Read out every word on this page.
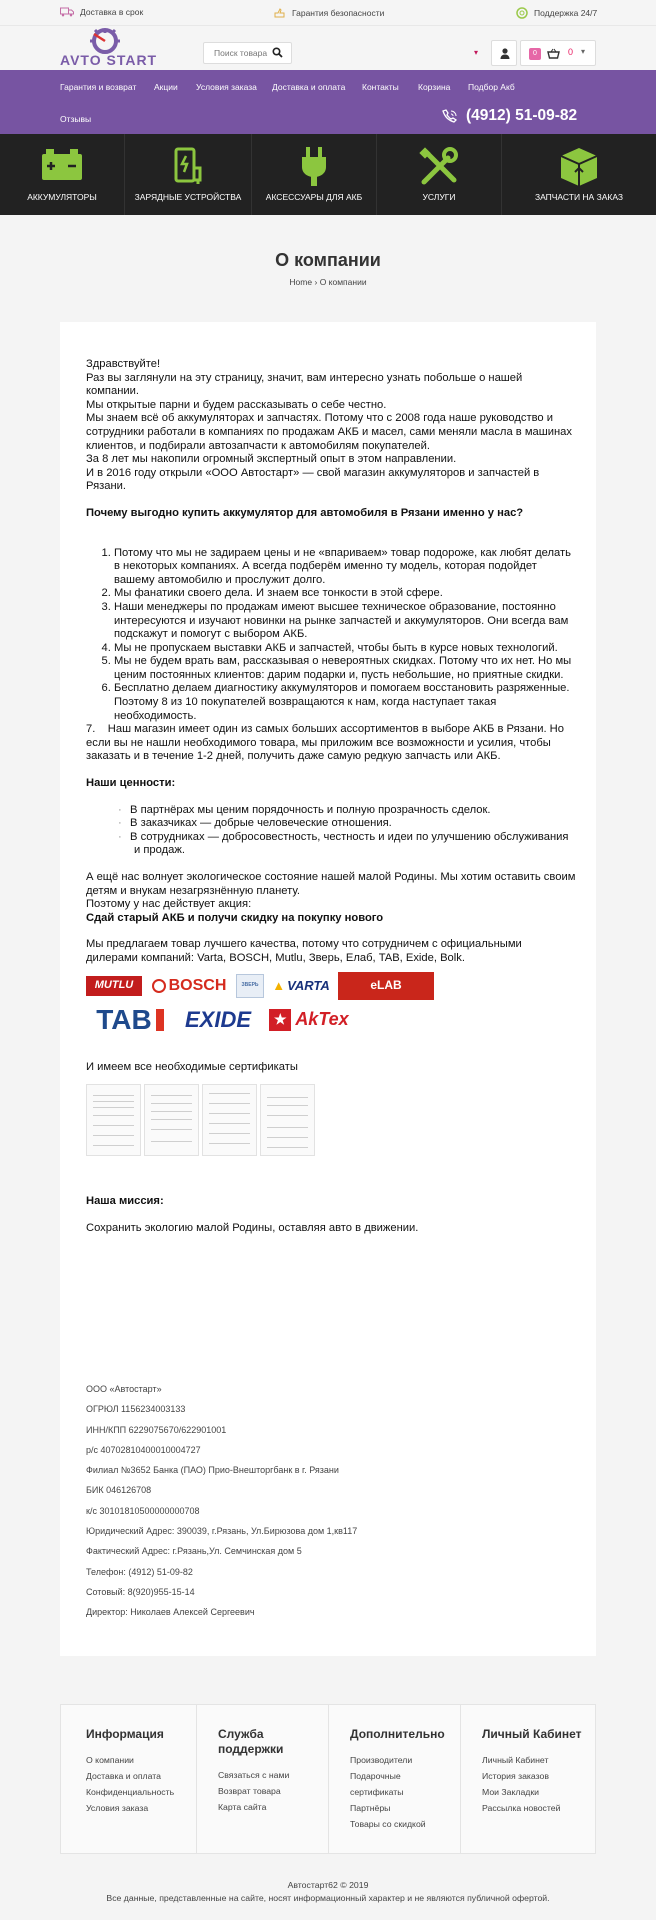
Доставка в срок	Гарантия безопасности	Поддержка 24/7
AVTO START	Поиск товара	▾	0	0 ▾
Гарантия и возврат Акции Условия заказа Доставка и оплата Контакты Корзина Подбор Акб
Отзывы	(4912) 51-09-82
АККУМУЛЯТОРЫ	ЗАРЯДНЫЕ УСТРОЙСТВА	АКСЕССУАРЫ ДЛЯ АКБ	УСЛУГИ	ЗАПЧАСТИ НА ЗАКАЗ
О компании
Home › О компании

Здравствуйте!

Раз вы заглянули на эту страницу, значит, вам интересно узнать побольше о нашей компании.

Мы открытые парни и будем рассказывать о себе честно.

Мы знаем всё об аккумуляторах и запчастях. Потому что с 2008 года наше руководство и сотрудники работали в компаниях по продажам АКБ и масел, сами меняли масла в машинах клиентов, и подбирали автозапчасти к автомобилям покупателей.

За 8 лет мы накопили огромный экспертный опыт в этом направлении.

И в 2016 году открыли «ООО Автостарт» — свой магазин аккумуляторов и запчастей в Рязани.

Почему выгодно купить аккумулятор для автомобиля в Рязани именно у нас?

1. Потому что мы не задираем цены и не «впариваем» товар подороже, как любят делать в некоторых компаниях. А всегда подберём именно ту модель, которая подойдет вашему автомобилю и прослужит долго.
2. Мы фанатики своего дела. И знаем все тонкости в этой сфере.
3. Наши менеджеры по продажам имеют высшее техническое образование, постоянно интересуются и изучают новинки на рынке запчастей и аккумуляторов. Они всегда вам подскажут и помогут с выбором АКБ.
4. Мы не пропускаем выставки АКБ и запчастей, чтобы быть в курсе новых технологий.
5. Мы не будем врать вам, рассказывая о невероятных скидках. Потому что их нет. Но мы ценим постоянных клиентов: дарим подарки и, пусть небольшие, но приятные скидки.
6. Бесплатно делаем диагностику аккумуляторов и помогаем восстановить разряженные.
Поэтому 8 из 10 покупателей возвращаются к нам, когда наступает такая необходимость.

7. Наш магазин имеет один из самых больших ассортиментов в выборе АКБ в Рязани. Но если вы не нашли необходимого товара, мы приложим все возможности и усилия, чтобы заказать и в течение 1-2 дней, получить даже самую редкую запчасть или АКБ.

Наши ценности:

· В партнёрах мы ценим порядочность и полную прозрачность сделок.

· В заказчиках — добрые человеческие отношения.

· В сотрудниках — добросовестность, честность и идеи по улучшению обслуживания и продаж.

А ещё нас волнует экологическое состояние нашей малой Родины. Мы хотим оставить своим детям и внукам незагрязнённую планету.

Поэтому у нас действует акция:

Сдай старый АКБ и получи скидку на покупку нового

Мы предлагаем товар лучшего качества, потому что сотрудничем с официальными дилерами компаний: Varta, BOSCH, Mutlu, Зверь, Елаб, TAB, Exide, Bolk.

MUTLU BOSCH	ЗВЕРЬ ▲ VARTA	eLAB
TAB EXIDE	★ AkTex

И имеем все необходимые сертификаты

Наша миссия:

Сохранить экологию малой Родины, оставляя авто в движении.

ООО «Автостарт»
ОГРЮЛ 1156234003133
ИНН/КПП 6229075670/622901001
р/с 40702810400010004727
Филиал №3652 Банка (ПАО) Прио-Внешторгбанк в г. Рязани
БИК 046126708
к/с 30101810500000000708
Юридический Адрес: 390039, г.Рязань, Ул.Бирюзова дом 1,кв117
Фактический Адрес: г.Рязань,Ул. Семчинская дом 5
Телефон: (4912) 51-09-82
Сотовый: 8(920)955-15-14
Директор: Николаев Алексей Сергеевич
Информация
О компании
Доставка и оплата
Конфиденциальность
Условия заказа
Служба поддержки
Связаться с нами
Возврат товара
Карта сайта
Дополнительно
Производители
Подарочные сертификаты
Партнёры
Товары со скидкой
Личный Кабинет
Личный Кабинет
История заказов
Мои Закладки
Рассылка новостей
Автостарт62 © 2019
Все данные, представленные на сайте, носят информационный характер и не являются публичной офертой.
